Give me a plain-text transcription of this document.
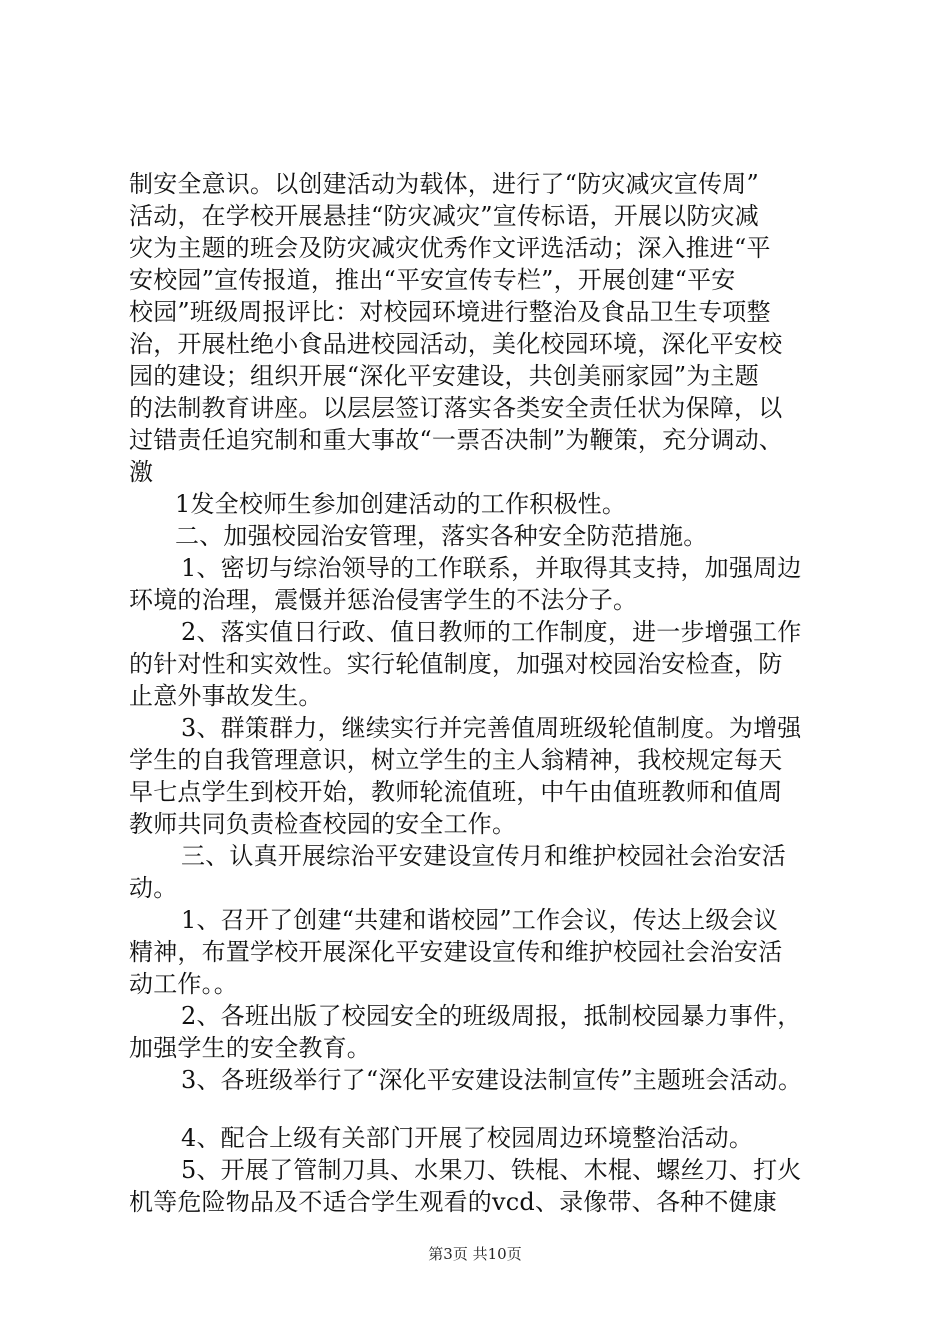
制安全意识。以创建活动为载体，进行了“防灾减灾宣传周”
活动，在学校开展悬挂“防灾减灾”宣传标语，开展以防灾减
灾为主题的班会及防灾减灾优秀作文评选活动；深入推进“平
安校园”宣传报道，推出“平安宣传专栏”，开展创建“平安
校园”班级周报评比：对校园环境进行整治及食品卫生专项整
治，开展杜绝小食品进校园活动，美化校园环境，深化平安校
园的建设；组织开展“深化平安建设，共创美丽家园”为主题
的法制教育讲座。以层层签订落实各类安全责任状为保障，以
过错责任追究制和重大事故“一票否决制”为鞭策，充分调动、
激
1发全校师生参加创建活动的工作积极性。
二、加强校园治安管理，落实各种安全防范措施。
1、密切与综治领导的工作联系，并取得其支持，加强周边
环境的治理，震慑并惩治侵害学生的不法分子。
2、落实值日行政、值日教师的工作制度，进一步增强工作
的针对性和实效性。实行轮值制度，加强对校园治安检查，防
止意外事故发生。
3、群策群力，继续实行并完善值周班级轮值制度。为增强
学生的自我管理意识，树立学生的主人翁精神，我校规定每天
早七点学生到校开始，教师轮流值班，中午由值班教师和值周
教师共同负责检查校园的安全工作。
三、认真开展综治平安建设宣传月和维护校园社会治安活
动。
1、召开了创建“共建和谐校园”工作会议，传达上级会议
精神，布置学校开展深化平安建设宣传和维护校园社会治安活
动工作。。
2、各班出版了校园安全的班级周报，抵制校园暴力事件，
加强学生的安全教育。
3、各班级举行了“深化平安建设法制宣传”主题班会活动。
4、配合上级有关部门开展了校园周边环境整治活动。
5、开展了管制刀具、水果刀、铁棍、木棍、螺丝刀、打火
机等危险物品及不适合学生观看的vcd、录像带、各种不健康
第3页 共10页
